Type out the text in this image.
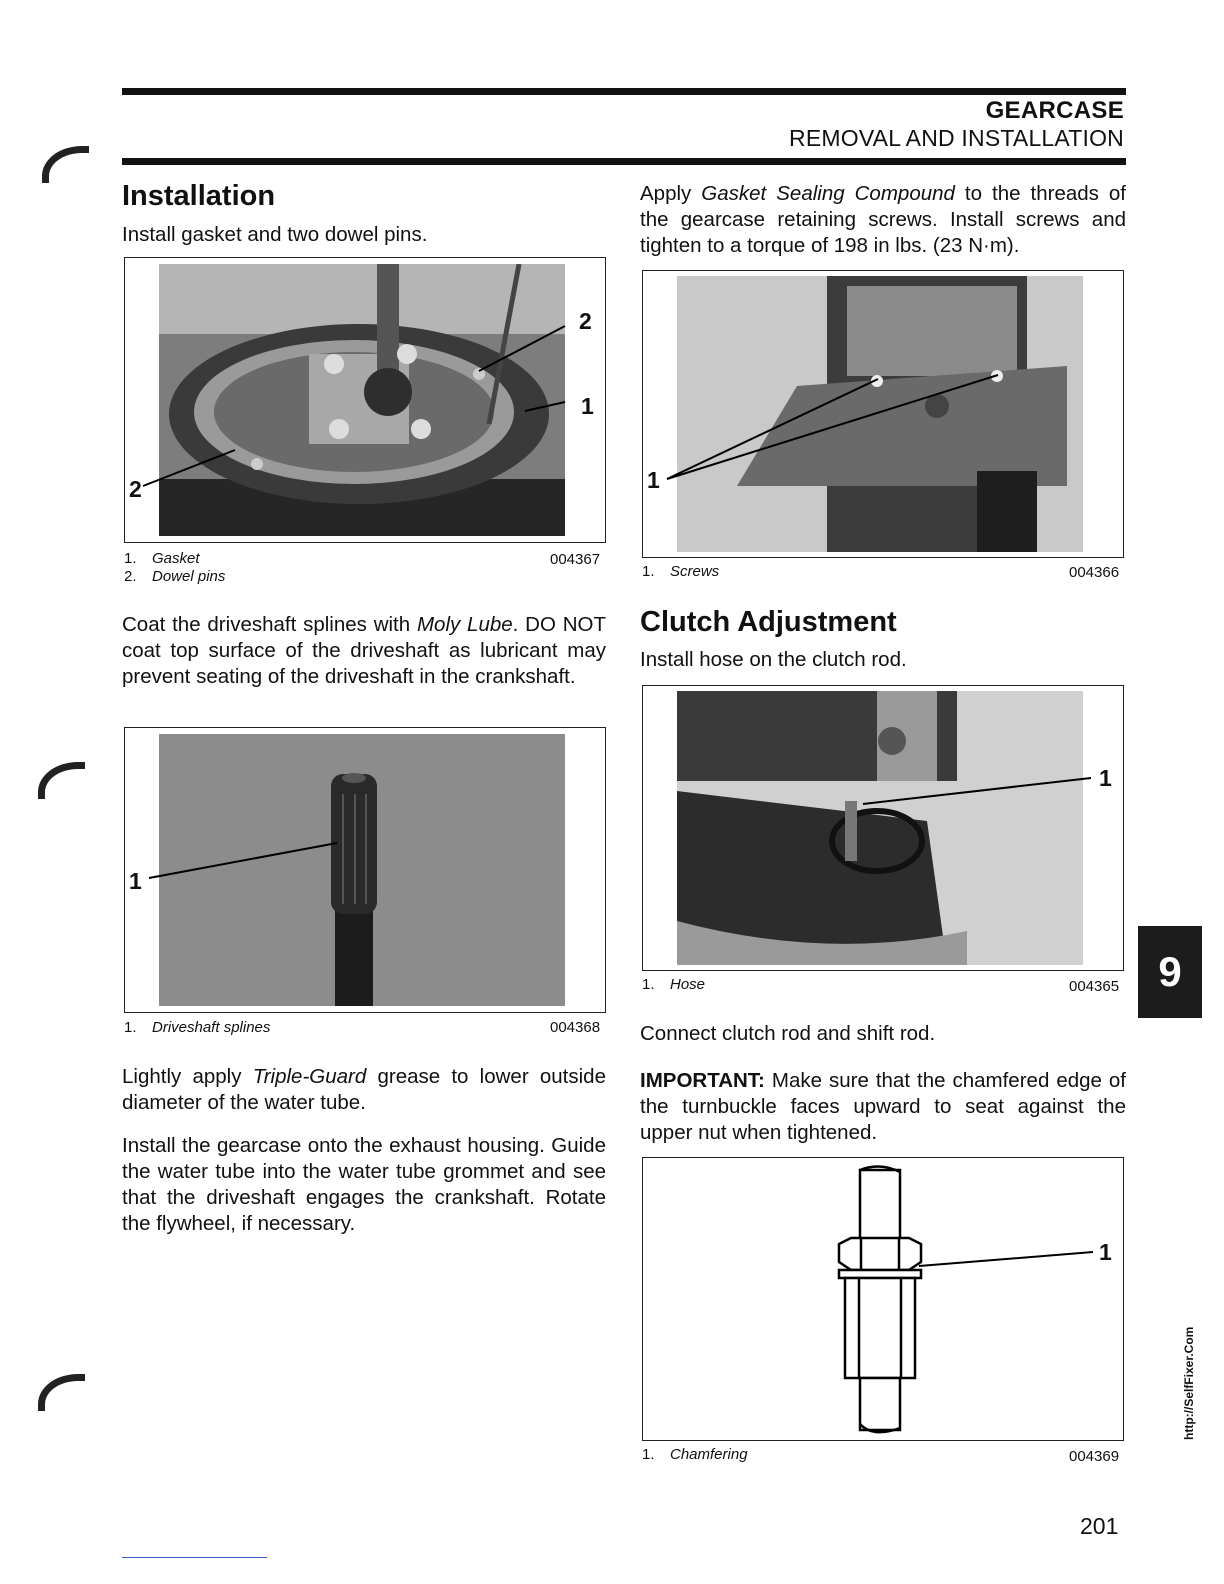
GEARCASE
REMOVAL AND INSTALLATION
Installation

Install gasket and two dowel pins.

2
1
2
1. Gasket
2. Dowel pins
004367

Coat the driveshaft splines with Moly Lube. DO NOT coat top surface of the driveshaft as lubricant may prevent seating of the driveshaft in the crankshaft.

1
1. Driveshaft splines	004368

Lightly apply Triple-Guard grease to lower outside diameter of the water tube.

Install the gearcase onto the exhaust housing. Guide the water tube into the water tube grommet and see that the driveshaft engages the crankshaft. Rotate the flywheel, if necessary.

Apply Gasket Sealing Compound to the threads of the gearcase retaining screws. Install screws and tighten to a torque of 198 in lbs. (23 N·m).

1
1. Screws	004366
Clutch Adjustment

Install hose on the clutch rod.

1
1. Hose	004365

Connect clutch rod and shift rod.

IMPORTANT: Make sure that the chamfered edge of the turnbuckle faces upward to seat against the upper nut when tightened.

1
1. Chamfering	004369
9
http://SelfFixer.Com
201
